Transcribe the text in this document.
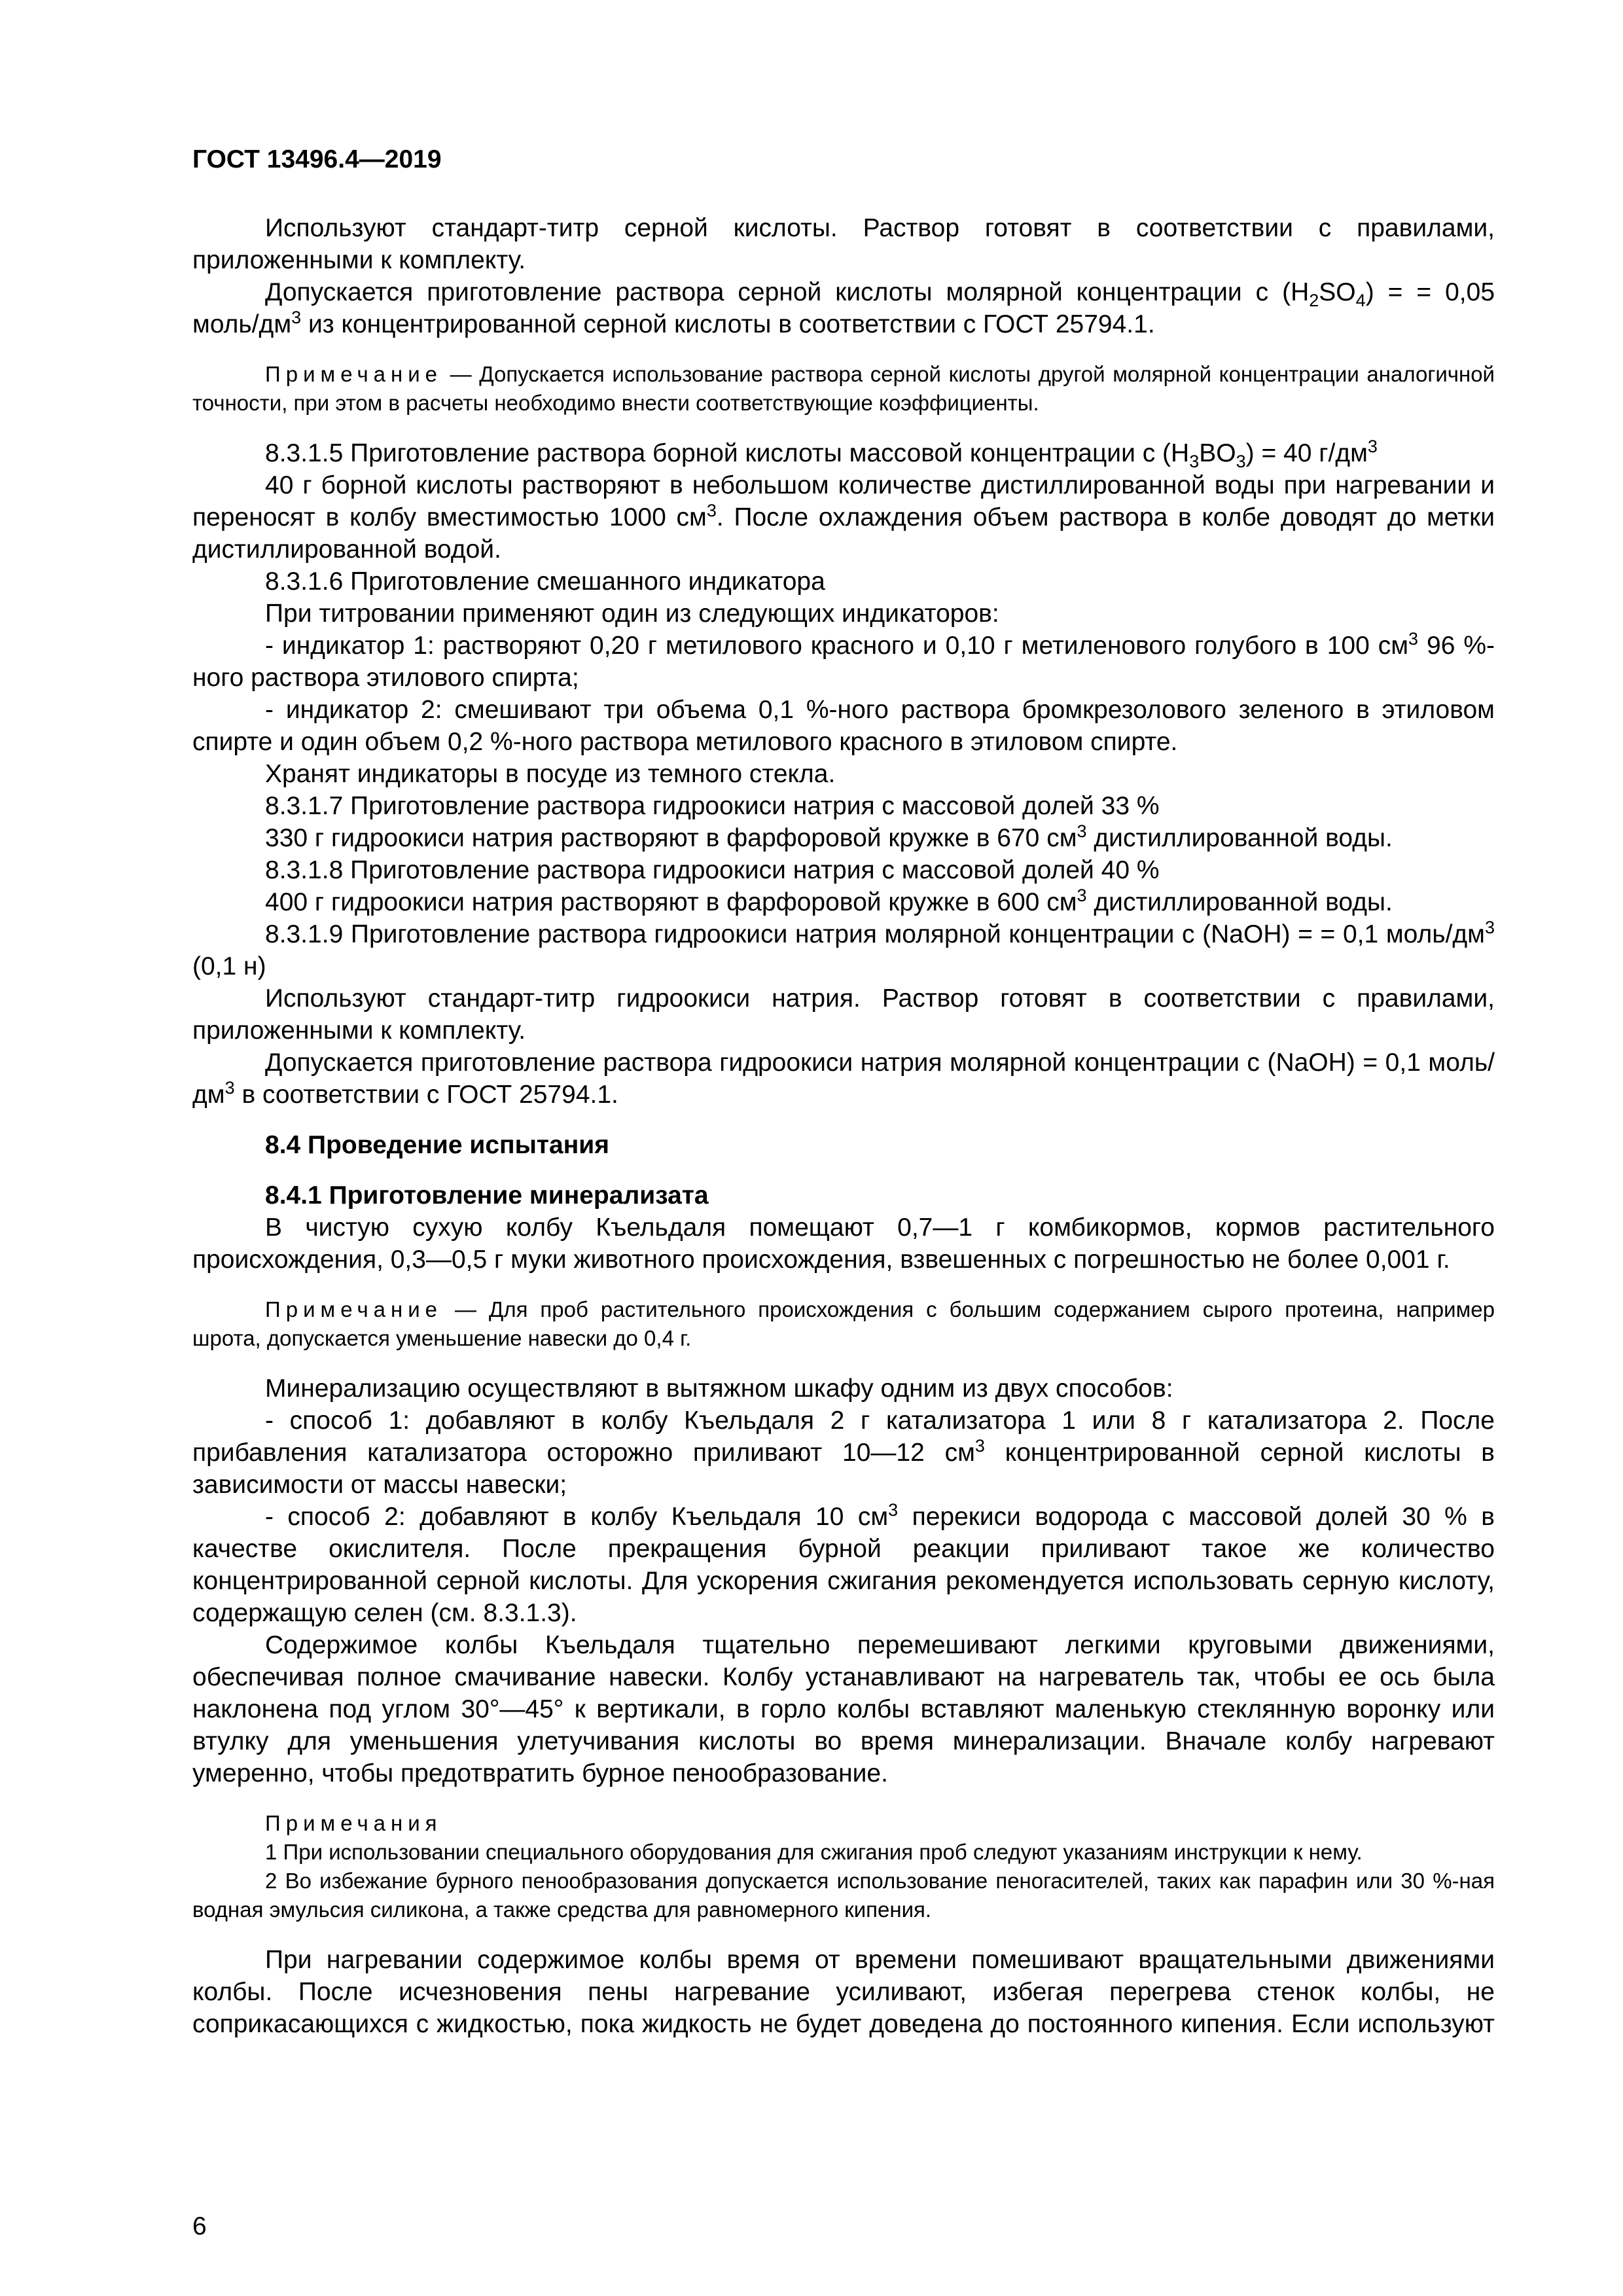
ГОСТ 13496.4—2019

Используют стандарт-титр серной кислоты. Раствор готовят в соответствии с правилами, приложенными к комплекту.

Допускается приготовление раствора серной кислоты молярной концентрации с $(H_2SO_4)$ = = 0,05 моль/$дм^3$ из концентрированной серной кислоты в соответствии с ГОСТ 25794.1.

Примечание — Допускается использование раствора серной кислоты другой молярной концентрации аналогичной точности, при этом в расчеты необходимо внести соответствующие коэффициенты.

8.3.1.5 Приготовление раствора борной кислоты массовой концентрации с $(H_3BO_3) = 40$ $г/дм^3$

40 г борной кислоты растворяют в небольшом количестве дистиллированной воды при нагревании и переносят в колбу вместимостью 1000 $см^3$. После охлаждения объем раствора в колбе доводят до метки дистиллированной водой.

8.3.1.6 Приготовление смешанного индикатора

При титровании применяют один из следующих индикаторов:

- индикатор 1: растворяют 0,20 г метилового красного и 0,10 г метиленового голубого в 100 $см^3$ 96 %-ного раствора этилового спирта;

- индикатор 2: смешивают три объема 0,1 %-ного раствора бромкрезолового зеленого в этиловом спирте и один объем 0,2 %-ного раствора метилового красного в этиловом спирте.

Хранят индикаторы в посуде из темного стекла.

8.3.1.7 Приготовление раствора гидроокиси натрия с массовой долей 33 %

330 г гидроокиси натрия растворяют в фарфоровой кружке в 670 $см^3$ дистиллированной воды.

8.3.1.8 Приготовление раствора гидроокиси натрия с массовой долей 40 %

400 г гидроокиси натрия растворяют в фарфоровой кружке в 600 $см^3$ дистиллированной воды.

8.3.1.9 Приготовление раствора гидроокиси натрия молярной концентрации с (NaOH) = = 0,1 моль/$дм^3$ (0,1 н)

Используют стандарт-титр гидроокиси натрия. Раствор готовят в соответствии с правилами, приложенными к комплекту.

Допускается приготовление раствора гидроокиси натрия молярной концентрации с (NaOH) = 0,1 моль/$дм^3$ в соответствии с ГОСТ 25794.1.

8.4 Проведение испытания

8.4.1 Приготовление минерализата

В чистую сухую колбу Къельдаля помещают 0,7—1 г комбикормов, кормов растительного происхождения, 0,3—0,5 г муки животного происхождения, взвешенных с погрешностью не более 0,001 г.

Примечание — Для проб растительного происхождения с большим содержанием сырого протеина, например шрота, допускается уменьшение навески до 0,4 г.

Минерализацию осуществляют в вытяжном шкафу одним из двух способов:

- способ 1: добавляют в колбу Къельдаля 2 г катализатора 1 или 8 г катализатора 2. После прибавления катализатора осторожно приливают 10—12 $см^3$ концентрированной серной кислоты в зависимости от массы навески;

- способ 2: добавляют в колбу Къельдаля 10 $см^3$ перекиси водорода с массовой долей 30 % в качестве окислителя. После прекращения бурной реакции приливают такое же количество концентрированной серной кислоты. Для ускорения сжигания рекомендуется использовать серную кислоту, содержащую селен (см. 8.3.1.3).

Содержимое колбы Къельдаля тщательно перемешивают легкими круговыми движениями, обеспечивая полное смачивание навески. Колбу устанавливают на нагреватель так, чтобы ее ось была наклонена под углом 30°—45° к вертикали, в горло колбы вставляют маленькую стеклянную воронку или втулку для уменьшения улетучивания кислоты во время минерализации. Вначале колбу нагревают умеренно, чтобы предотвратить бурное пенообразование.

Примечания

1 При использовании специального оборудования для сжигания проб следуют указаниям инструкции к нему.

2 Во избежание бурного пенообразования допускается использование пеногасителей, таких как парафин или 30 %-ная водная эмульсия силикона, а также средства для равномерного кипения.

При нагревании содержимое колбы время от времени помешивают вращательными движениями колбы. После исчезновения пены нагревание усиливают, избегая перегрева стенок колбы, не соприкасающихся с жидкостью, пока жидкость не будет доведена до постоянного кипения. Если используют

6
